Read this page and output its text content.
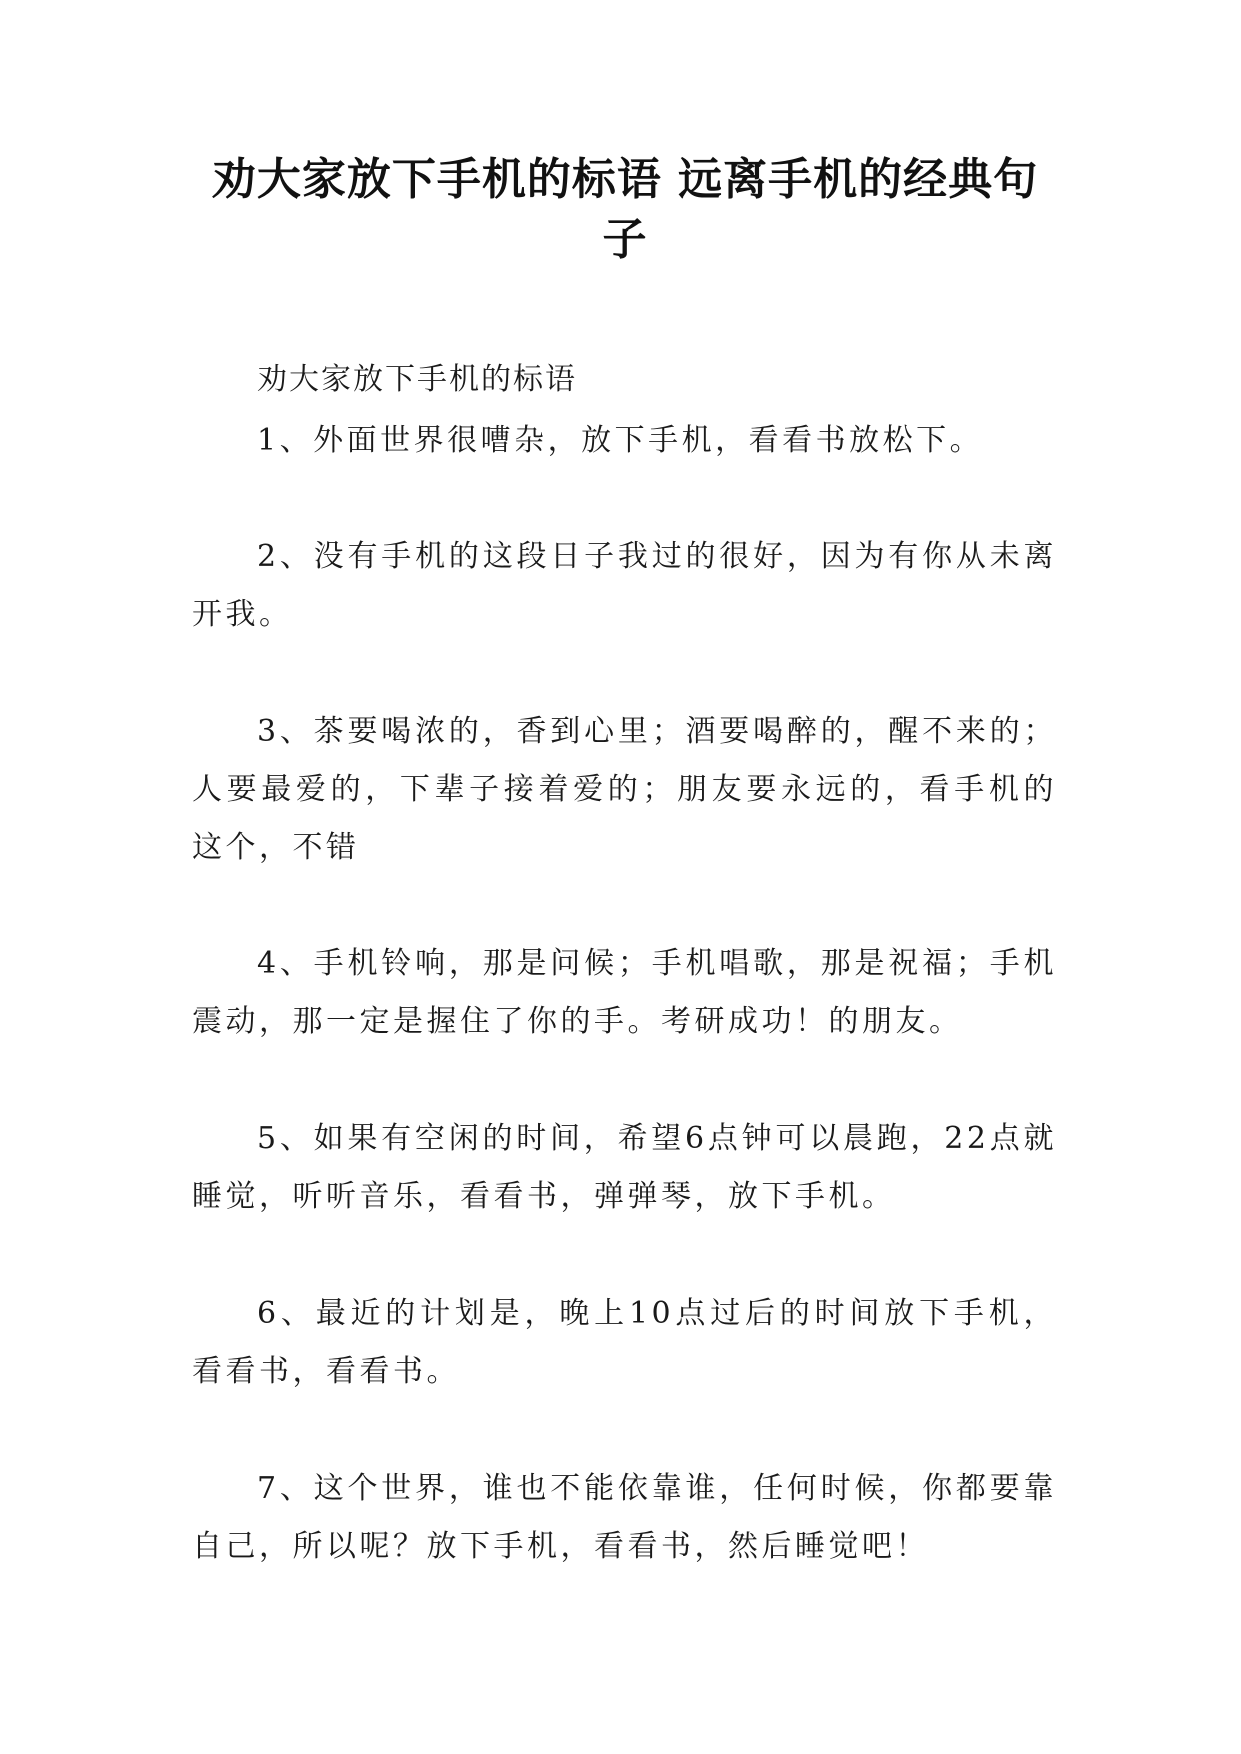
劝大家放下手机的标语 远离手机的经典句子

劝大家放下手机的标语

1、外面世界很嘈杂，放下手机，看看书放松下。

2、没有手机的这段日子我过的很好，因为有你从未离开我。

3、茶要喝浓的，香到心里；酒要喝醉的，醒不来的；人要最爱的，下辈子接着爱的；朋友要永远的，看手机的这个，不错

4、手机铃响，那是问候；手机唱歌，那是祝福；手机震动，那一定是握住了你的手。考研成功！的朋友。

5、如果有空闲的时间，希望6点钟可以晨跑，22点就睡觉，听听音乐，看看书，弹弹琴，放下手机。

6、最近的计划是，晚上10点过后的时间放下手机，看看书，看看书。

7、这个世界，谁也不能依靠谁，任何时候，你都要靠自己，所以呢？放下手机，看看书，然后睡觉吧！
